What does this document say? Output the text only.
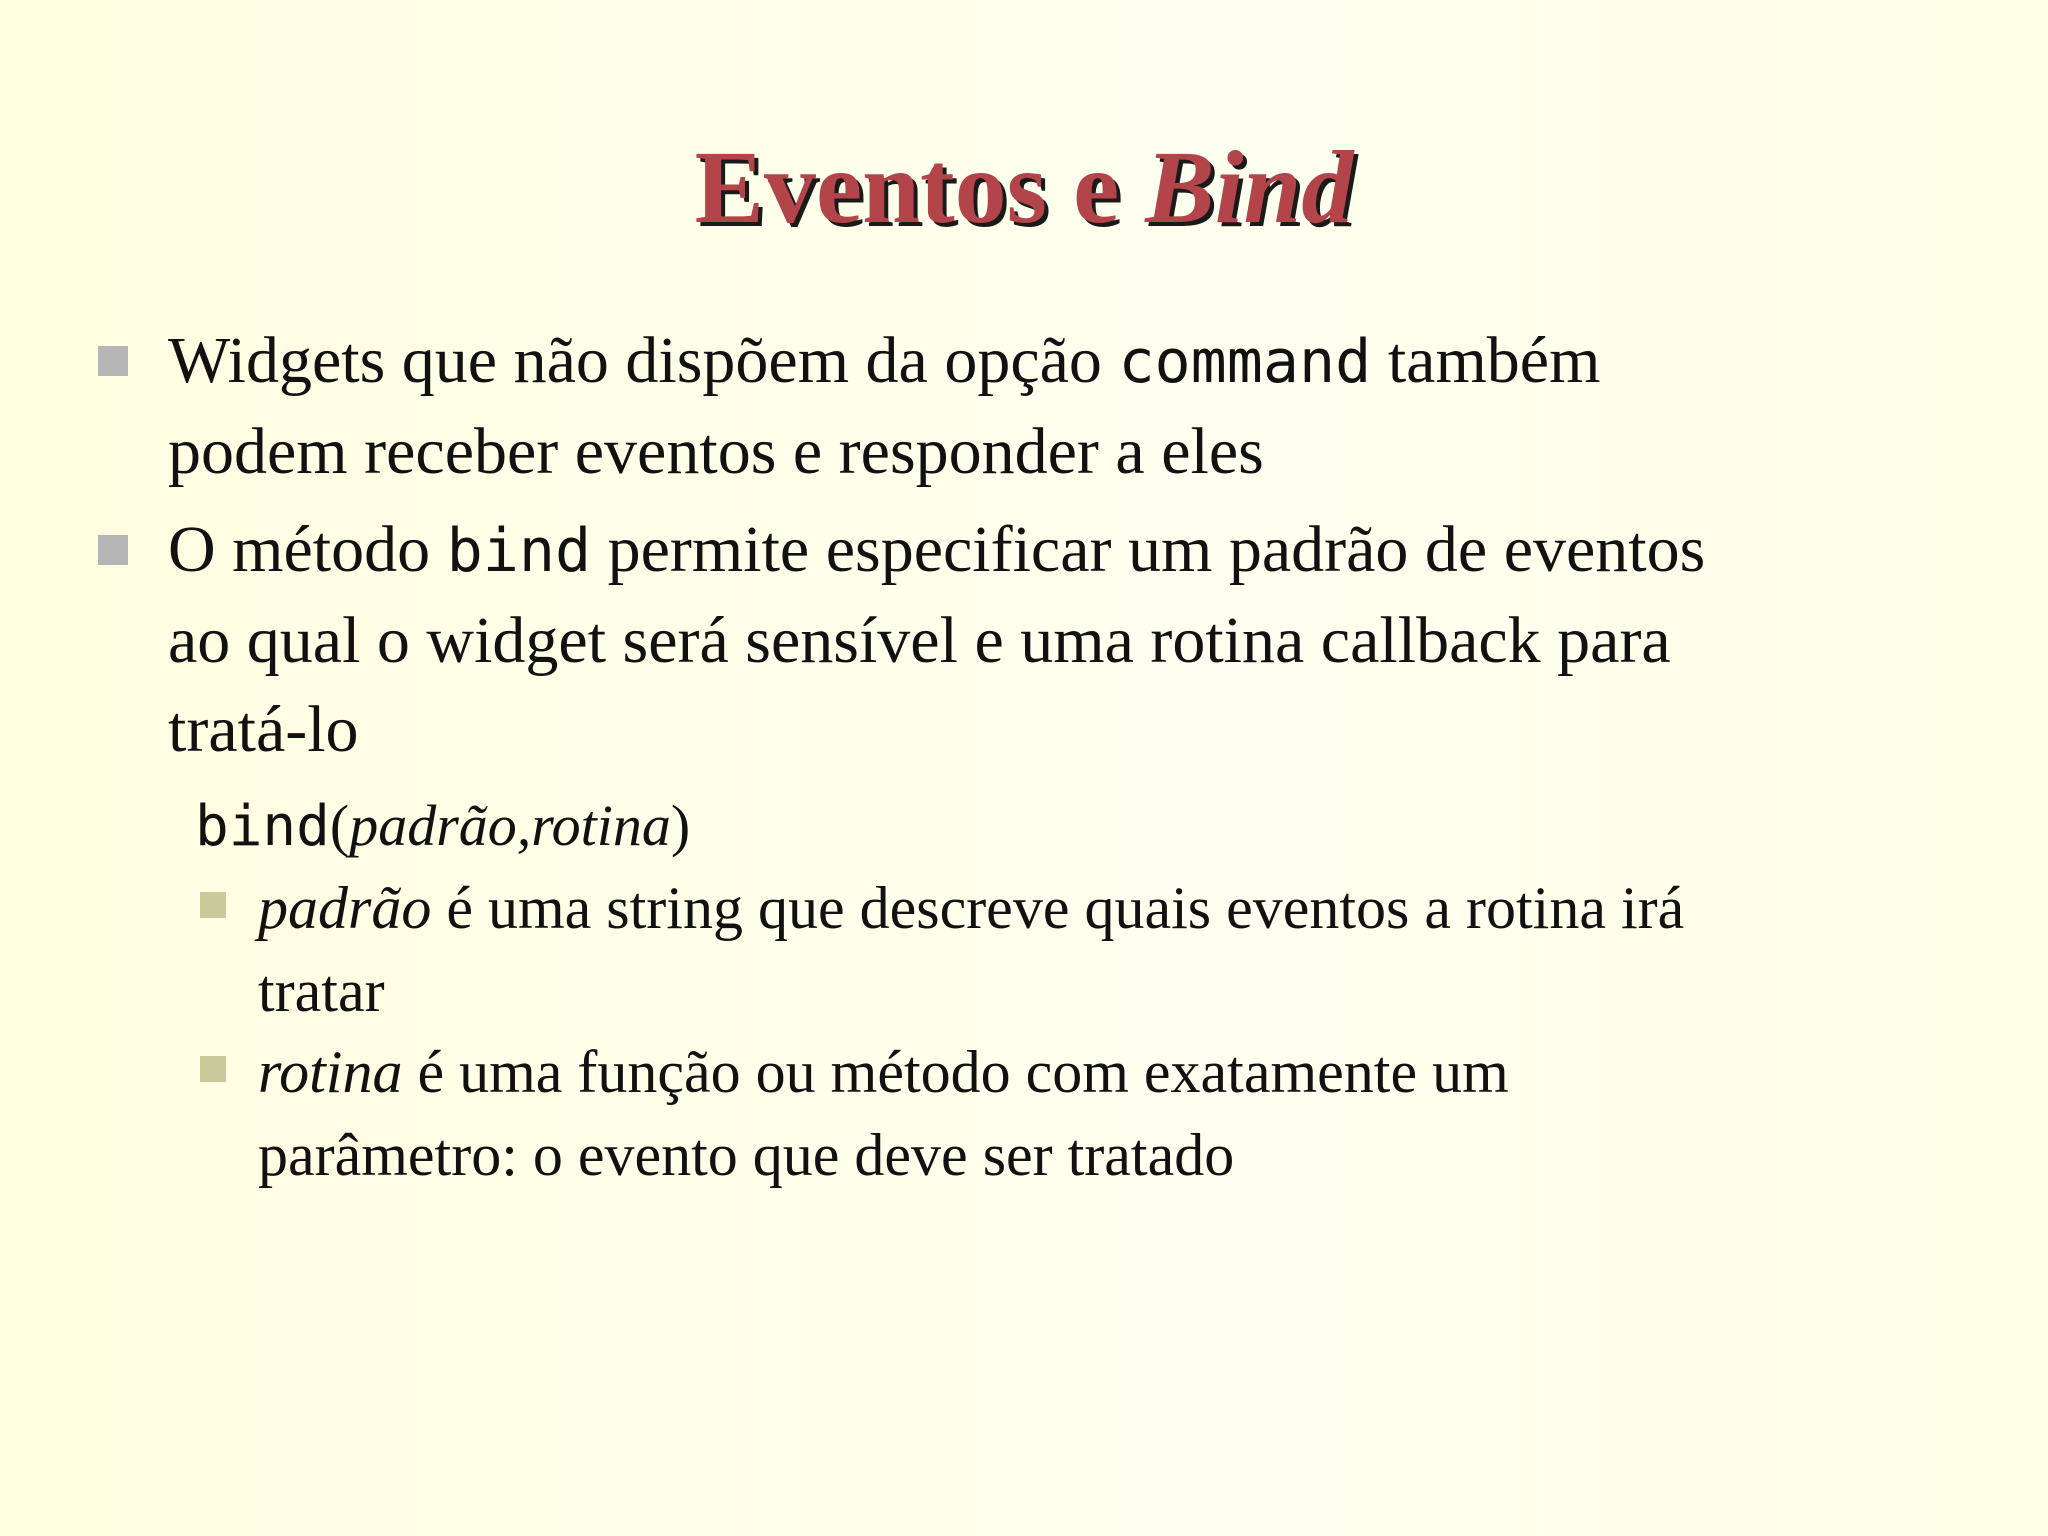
Eventos e Bind
Widgets que não dispõem da opção command também
podem receber eventos e responder a eles
O método bind permite especificar um padrão de eventos
ao qual o widget será sensível e uma rotina callback para
tratá-lo
bind(padrão,rotina)
padrão é uma string que descreve quais eventos a rotina irá
tratar
rotina é uma função ou método com exatamente um
parâmetro: o evento que deve ser tratado
